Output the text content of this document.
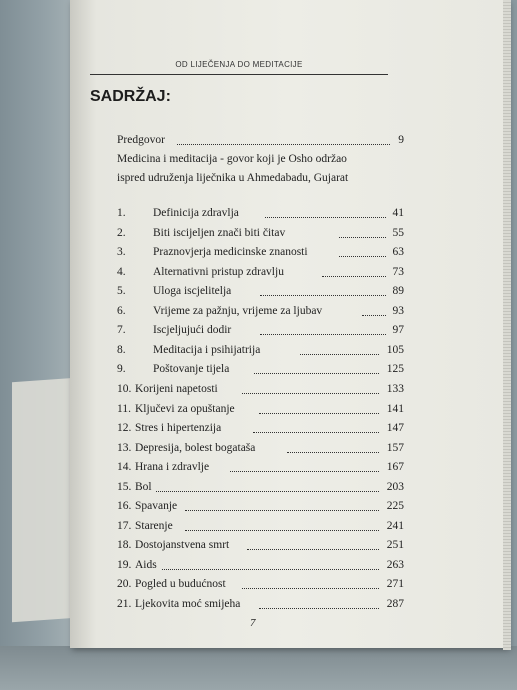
OD LIJEČENJA DO MEDITACIJE
SADRŽAJ:
Predgovor	9
Medicina i meditacija - govor koji je Osho održao
ispred udruženja liječnika u Ahmedabadu, Gujarat
1. Definicija zdravlja	41
2. Biti iscijeljen znači biti čitav	55
3. Praznovjerja medicinske znanosti	63
4. Alternativni pristup zdravlju	73
5. Uloga iscjelitelja	89
6. Vrijeme za pažnju, vrijeme za ljubav	93
7. Iscjeljujući dodir	97
8. Meditacija i psihijatrija	105
9. Poštovanje tijela	125
10. Korijeni napetosti	133
11. Ključevi za opuštanje	141
12. Stres i hipertenzija	147
13. Depresija, bolest bogataša	157
14. Hrana i zdravlje	167
15. Bol	203
16. Spavanje	225
17. Starenje	241
18. Dostojanstvena smrt	251
19. Aids	263
20. Pogled u budućnost	271
21. Ljekovita moć smijeha	287
7
